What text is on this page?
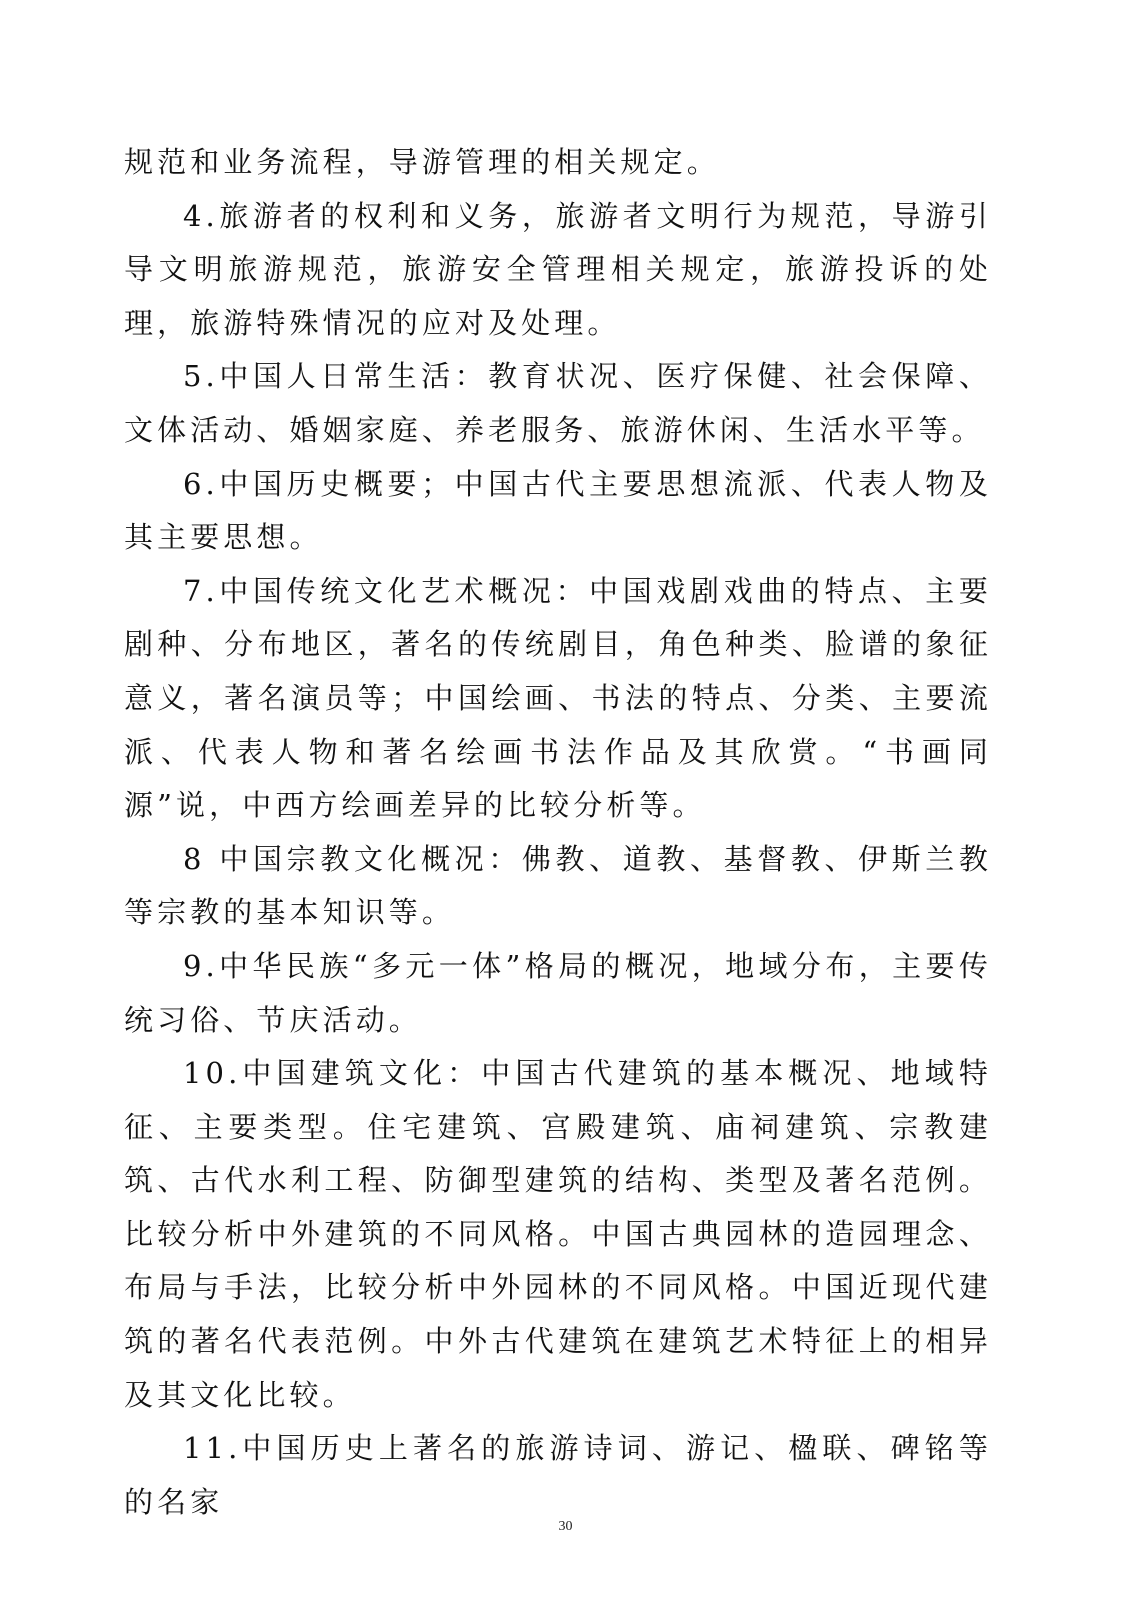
规范和业务流程，导游管理的相关规定。

4.旅游者的权利和义务，旅游者文明行为规范，导游引导文明旅游规范，旅游安全管理相关规定，旅游投诉的处理，旅游特殊情况的应对及处理。

5.中国人日常生活：教育状况、医疗保健、社会保障、文体活动、婚姻家庭、养老服务、旅游休闲、生活水平等。

6.中国历史概要；中国古代主要思想流派、代表人物及其主要思想。

7.中国传统文化艺术概况：中国戏剧戏曲的特点、主要剧种、分布地区，著名的传统剧目，角色种类、脸谱的象征意义，著名演员等；中国绘画、书法的特点、分类、主要流派、代表人物和著名绘画书法作品及其欣赏。“书画同源”说，中西方绘画差异的比较分析等。

8 中国宗教文化概况：佛教、道教、基督教、伊斯兰教等宗教的基本知识等。

9.中华民族“多元一体”格局的概况，地域分布，主要传统习俗、节庆活动。

10.中国建筑文化：中国古代建筑的基本概况、地域特征、主要类型。住宅建筑、宫殿建筑、庙祠建筑、宗教建筑、古代水利工程、防御型建筑的结构、类型及著名范例。比较分析中外建筑的不同风格。中国古典园林的造园理念、布局与手法，比较分析中外园林的不同风格。中国近现代建筑的著名代表范例。中外古代建筑在建筑艺术特征上的相异及其文化比较。

11.中国历史上著名的旅游诗词、游记、楹联、碑铭等的名家

30
